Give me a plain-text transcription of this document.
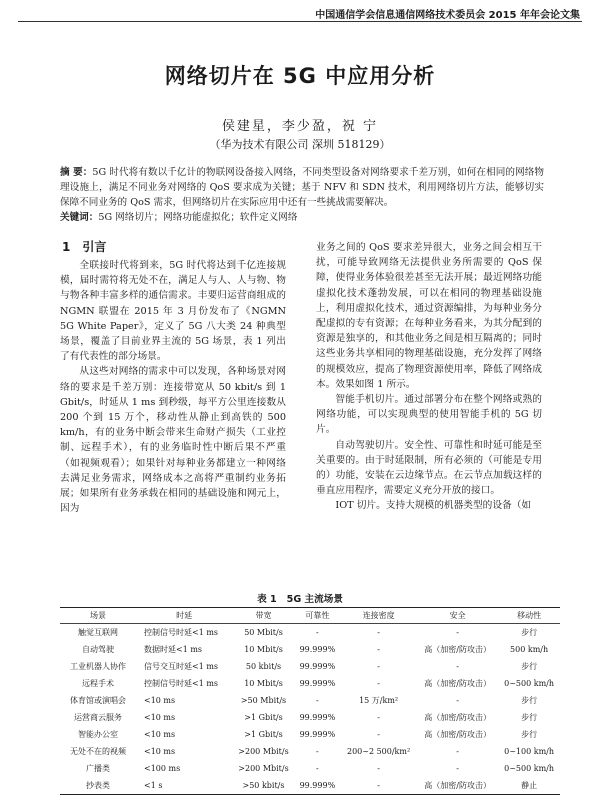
中国通信学会信息通信网络技术委员会 2015 年年会论文集
网络切片在 5G 中应用分析
侯建星，李少盈，祝 宁
（华为技术有限公司 深圳 518129）
摘 要：5G 时代将有数以千亿计的物联网设备接入网络，不同类型设备对网络要求千差万别，如何在相同的网络物理设施上，满足不同业务对网络的 QoS 要求成为关键；基于 NFV 和 SDN 技术，利用网络切片方法，能够切实保障不同业务的 QoS 需求，但网络切片在实际应用中还有一些挑战需要解决。
关键词：5G 网络切片；网络功能虚拟化；软件定义网络
1 引言

全联接时代将到来，5G 时代将达到千亿连接规模，届时需符将无处不在，满足人与人、人与物、物与物各种丰富多样的通信需求。丰要归运营商组成的 NGMN 联盟在 2015 年 3 月份发布了《NGMN 5G White Paper》，定义了 5G 八大类 24 种典型场景，覆盖了目前业界主流的 5G 场景，表 1 列出了有代表性的部分场景。

从这些对网络的需求中可以发现，各种场景对网络的要求是千差万别：连接带宽从 50 kbit/s 到 1 Gbit/s，时延从 1 ms 到秒级，每平方公里连接数从 200 个到 15 万个，移动性从静止到高铁的 500 km/h，有的业务中断会带来生命财产损失（工业控制、远程手术），有的业务临时性中断后果不严重（如视频观看）；如果针对每种业务都建立一种网络去满足业务需求，网络成本之高将严重制约业务拓展；如果所有业务承载在相同的基础设施和网元上，因为

业务之间的 QoS 要求差异很大，业务之间会相互干扰，可能导致网络无法提供业务所需要的 QoS 保障，使得业务体验很差甚至无法开展；最近网络功能虚拟化技术蓬勃发展，可以在相同的物理基础设施上，利用虚拟化技术，通过资源编排，为每种业务分配虚拟的专有资源；在每种业务看来，为其分配到的资源是独享的，和其他业务之间是相互隔离的；同时这些业务共享相同的物理基础设施，充分发挥了网络的规模效应，提高了物理资源使用率，降低了网络成本。效果如图 1 所示。

智能手机切片。通过部署分布在整个网络或熟的网络功能，可以实现典型的使用智能手机的 5G 切片。

自动驾驶切片。安全性、可靠性和时延可能是至关重要的。由于时延限制，所有必须的（可能是专用的）功能，安装在云边缘节点。在云节点加载这样的垂直应用程序，需要定义充分开放的接口。

IOT 切片。支持大规模的机器类型的设备（如

表 1 5G 主流场景
场景	时延	带宽	可靠性	连接密度	安全	移动性
触觉互联网	控制信号时延<1 ms	50 Mbit/s	-	-	-	步行
自动驾驶	数据时延<1 ms	10 Mbit/s	99.999%	-	高（加密/防攻击）	500 km/h
工业机器人协作	信号交互时延<1 ms	50 kbit/s	99.999%	-	-	步行
远程手术	控制信号时延<1 ms	10 Mbit/s	99.999%	-	高（加密/防攻击）	0~500 km/h
体育馆或演唱会	<10 ms	>50 Mbit/s	-	15 万/km²	-	步行
运营商云服务	<10 ms	>1 Gbit/s	99.999%	-	高（加密/防攻击）	步行
智能办公室	<10 ms	>1 Gbit/s	99.999%	-	高（加密/防攻击）	步行
无处不在的视频	<10 ms	>200 Mbit/s	-	200~2 500/km²	-	0~100 km/h
广播类	<100 ms	>200 Mbit/s	-	-	-	0~500 km/h
抄表类	<1 s	>50 kbit/s	99.999%	-	高（加密/防攻击）	静止
